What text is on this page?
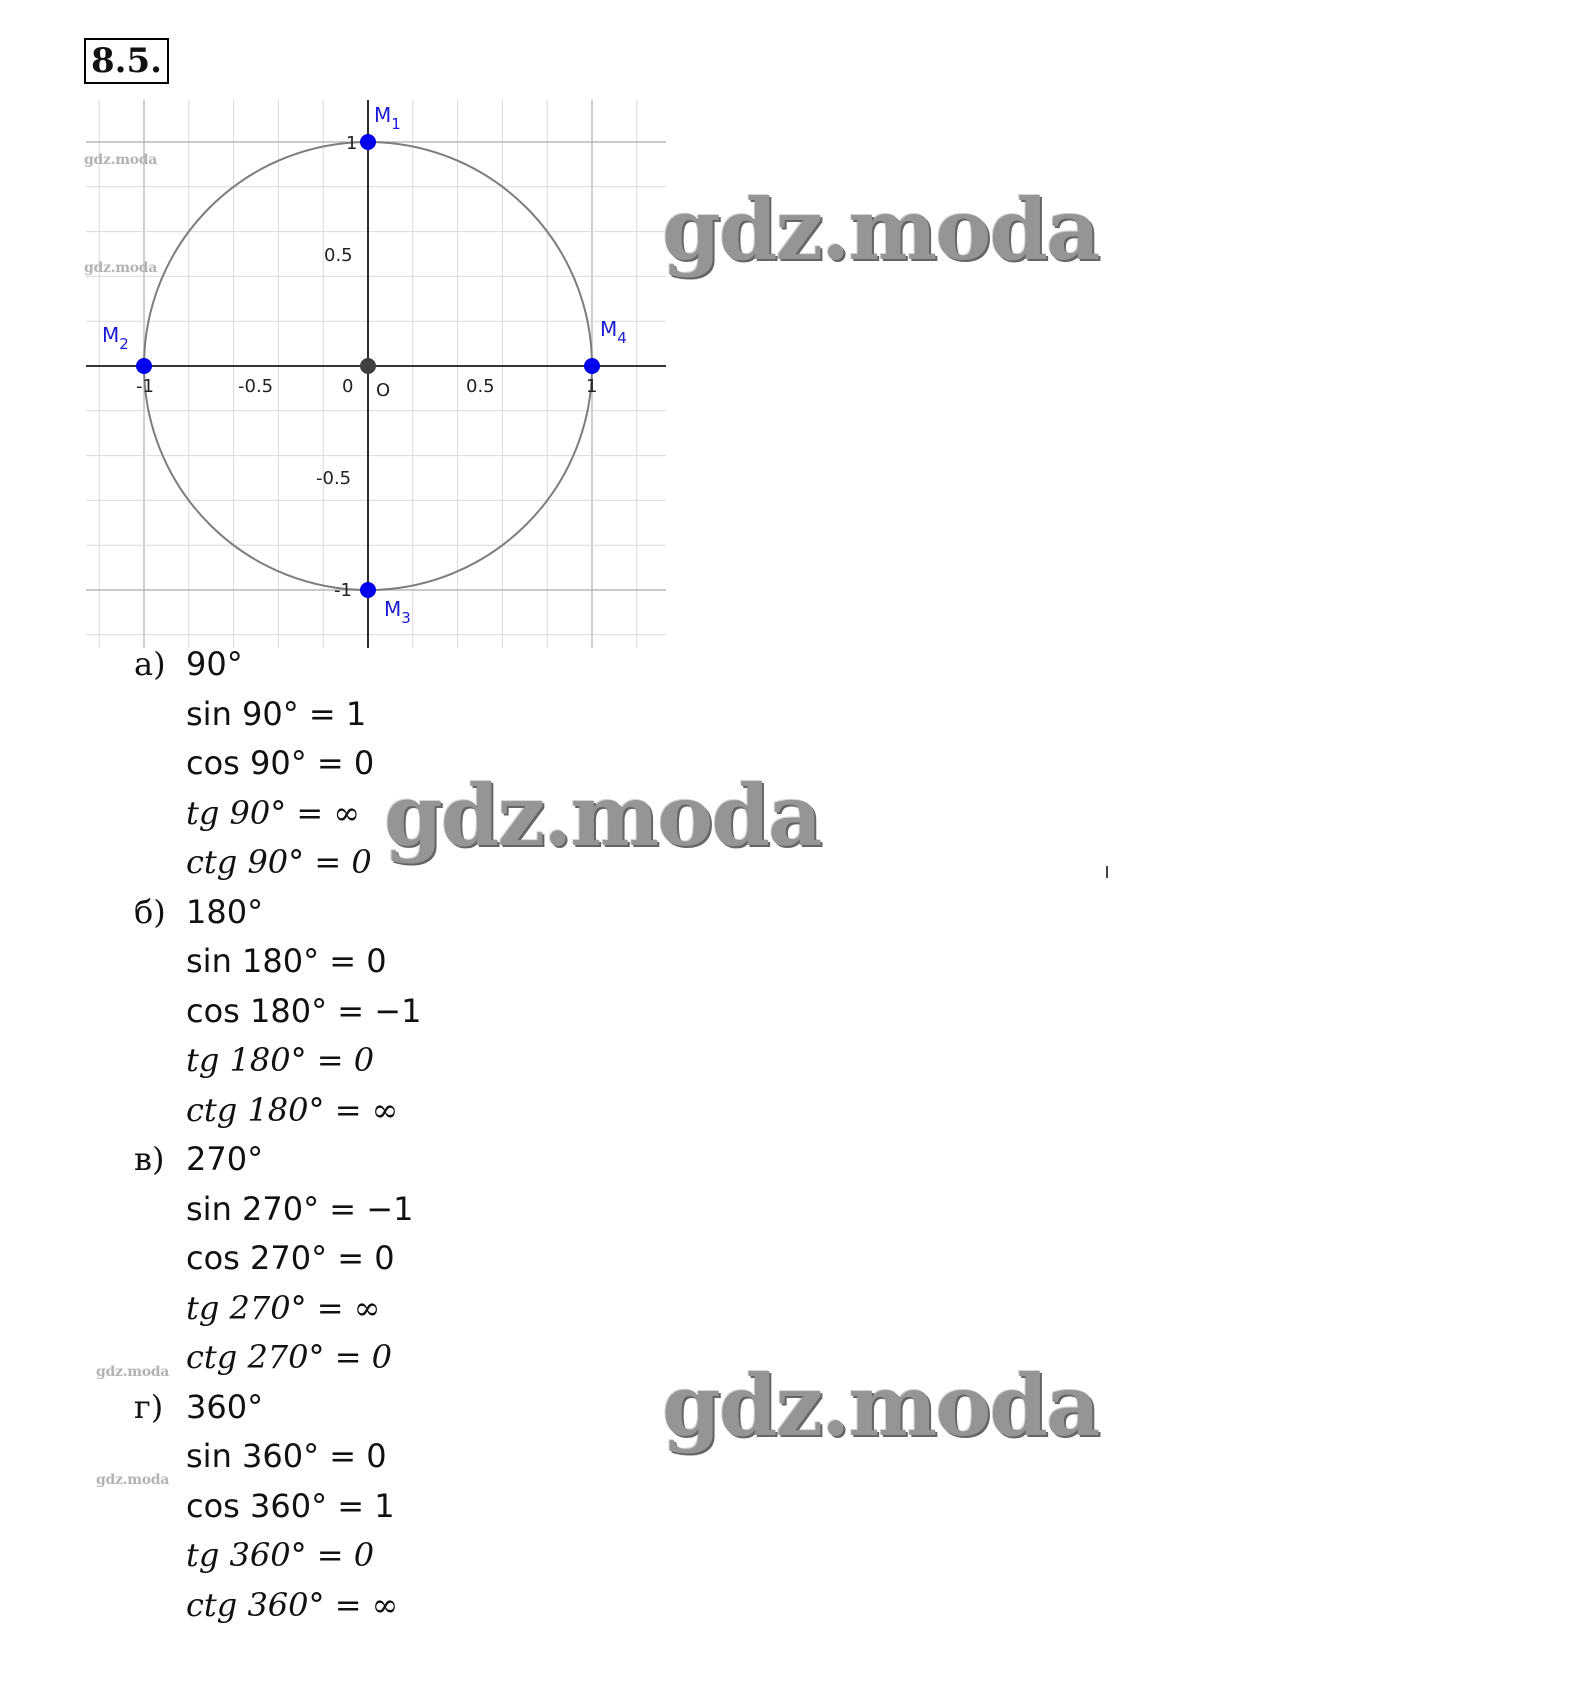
8.5.
-1	-0.5	0	0.5	1
1
0.5
-0.5
-1
O
$M_1$
$M_2$
$M_3$
$M_4$
а) 90°
sin 90° = 1
cos 90° = 0
tg 90° = ∞
ctg 90° = 0
б) 180°
sin 180° = 0
cos 180° = −1
tg 180° = 0
ctg 180° = ∞
в) 270°
sin 270° = −1
cos 270° = 0
tg 270° = ∞
ctg 270° = 0
г) 360°
sin 360° = 0
cos 360° = 1
tg 360° = 0
ctg 360° = ∞
gdz.moda
gdz.moda
gdz.moda
gdz.moda
gdz.moda
gdz.moda
gdz.moda
